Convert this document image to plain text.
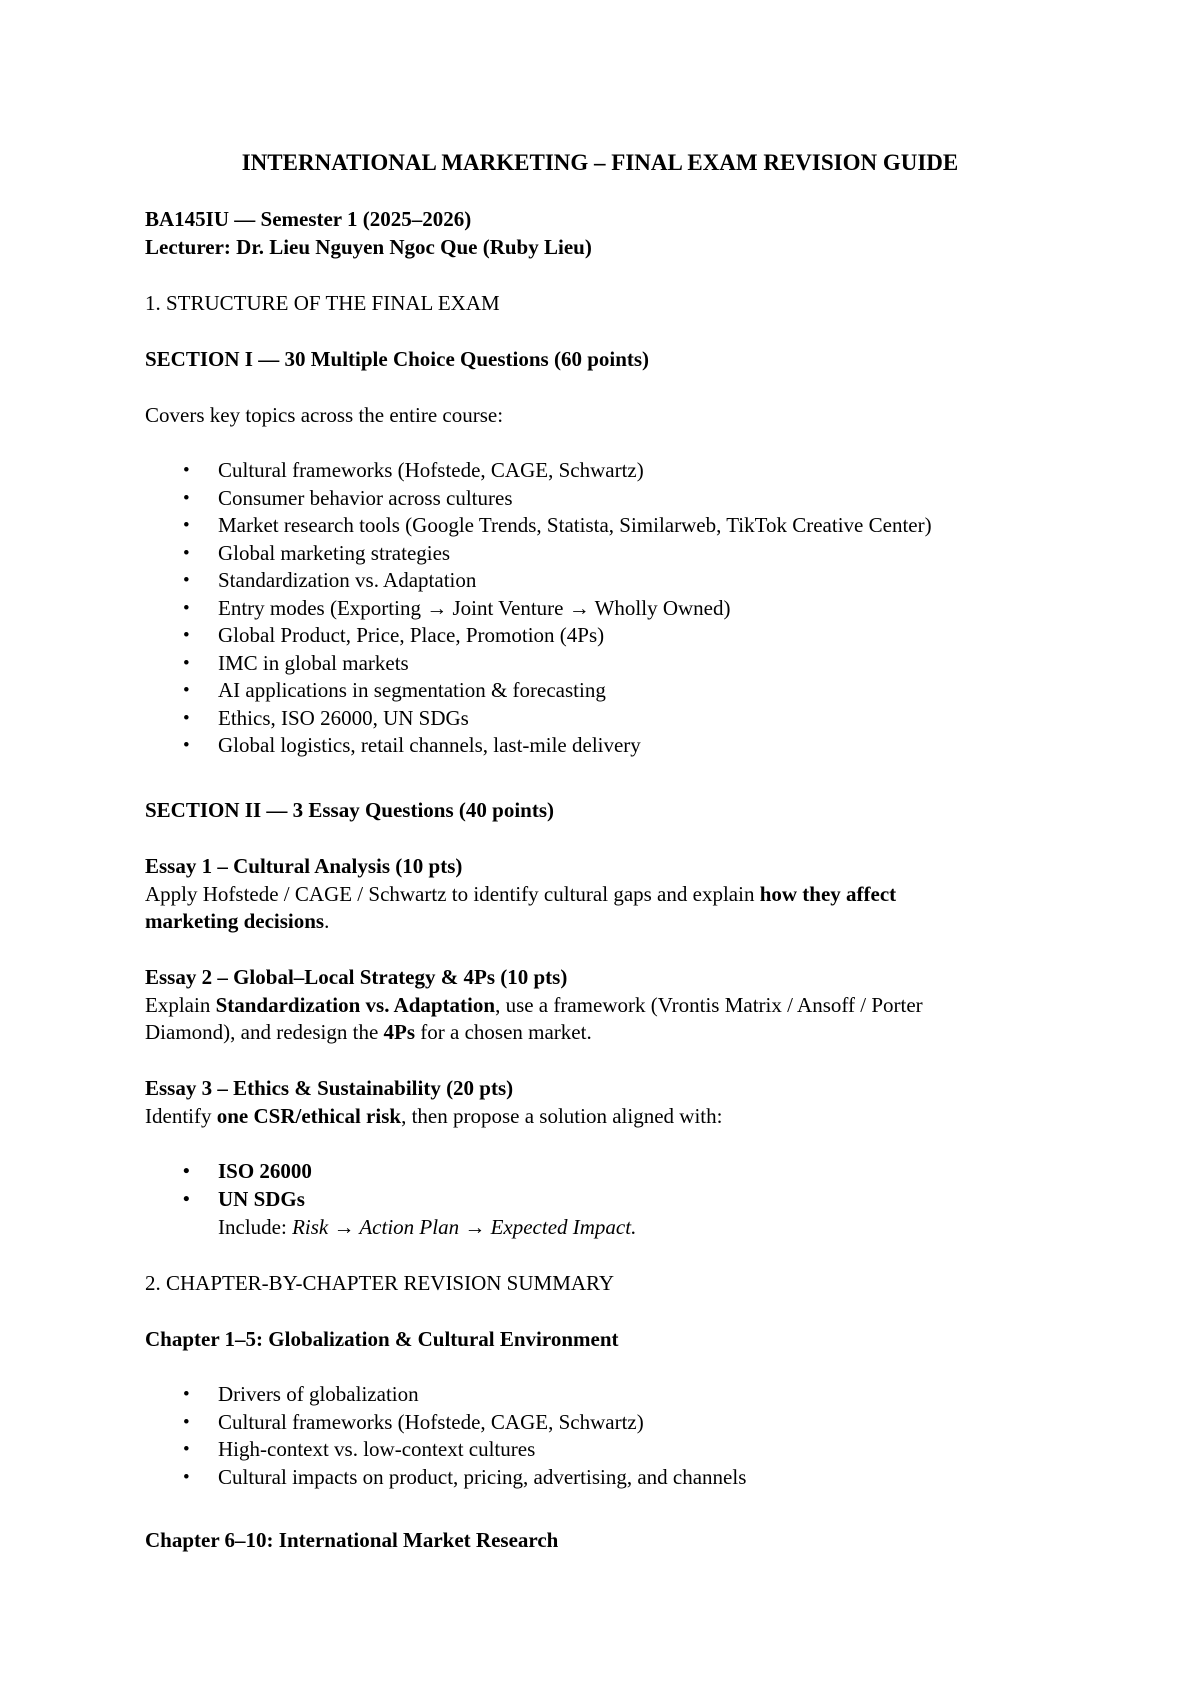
INTERNATIONAL MARKETING – FINAL EXAM REVISION GUIDE
BA145IU — Semester 1 (2025–2026)
Lecturer: Dr. Lieu Nguyen Ngoc Que (Ruby Lieu)
1. STRUCTURE OF THE FINAL EXAM
SECTION I — 30 Multiple Choice Questions (60 points)
Covers key topics across the entire course:
• Cultural frameworks (Hofstede, CAGE, Schwartz)
• Consumer behavior across cultures
• Market research tools (Google Trends, Statista, Similarweb, TikTok Creative Center)
• Global marketing strategies
• Standardization vs. Adaptation
• Entry modes (Exporting → Joint Venture → Wholly Owned)
• Global Product, Price, Place, Promotion (4Ps)
• IMC in global markets
• AI applications in segmentation & forecasting
• Ethics, ISO 26000, UN SDGs
• Global logistics, retail channels, last-mile delivery
SECTION II — 3 Essay Questions (40 points)
Essay 1 – Cultural Analysis (10 pts)
Apply Hofstede / CAGE / Schwartz to identify cultural gaps and explain how they affect
marketing decisions.
Essay 2 – Global–Local Strategy & 4Ps (10 pts)
Explain Standardization vs. Adaptation, use a framework (Vrontis Matrix / Ansoff / Porter
Diamond), and redesign the 4Ps for a chosen market.
Essay 3 – Ethics & Sustainability (20 pts)
Identify one CSR/ethical risk, then propose a solution aligned with:
• ISO 26000
• UN SDGs
Include: Risk → Action Plan → Expected Impact.
2. CHAPTER-BY-CHAPTER REVISION SUMMARY
Chapter 1–5: Globalization & Cultural Environment
• Drivers of globalization
• Cultural frameworks (Hofstede, CAGE, Schwartz)
• High-context vs. low-context cultures
• Cultural impacts on product, pricing, advertising, and channels
Chapter 6–10: International Market Research
